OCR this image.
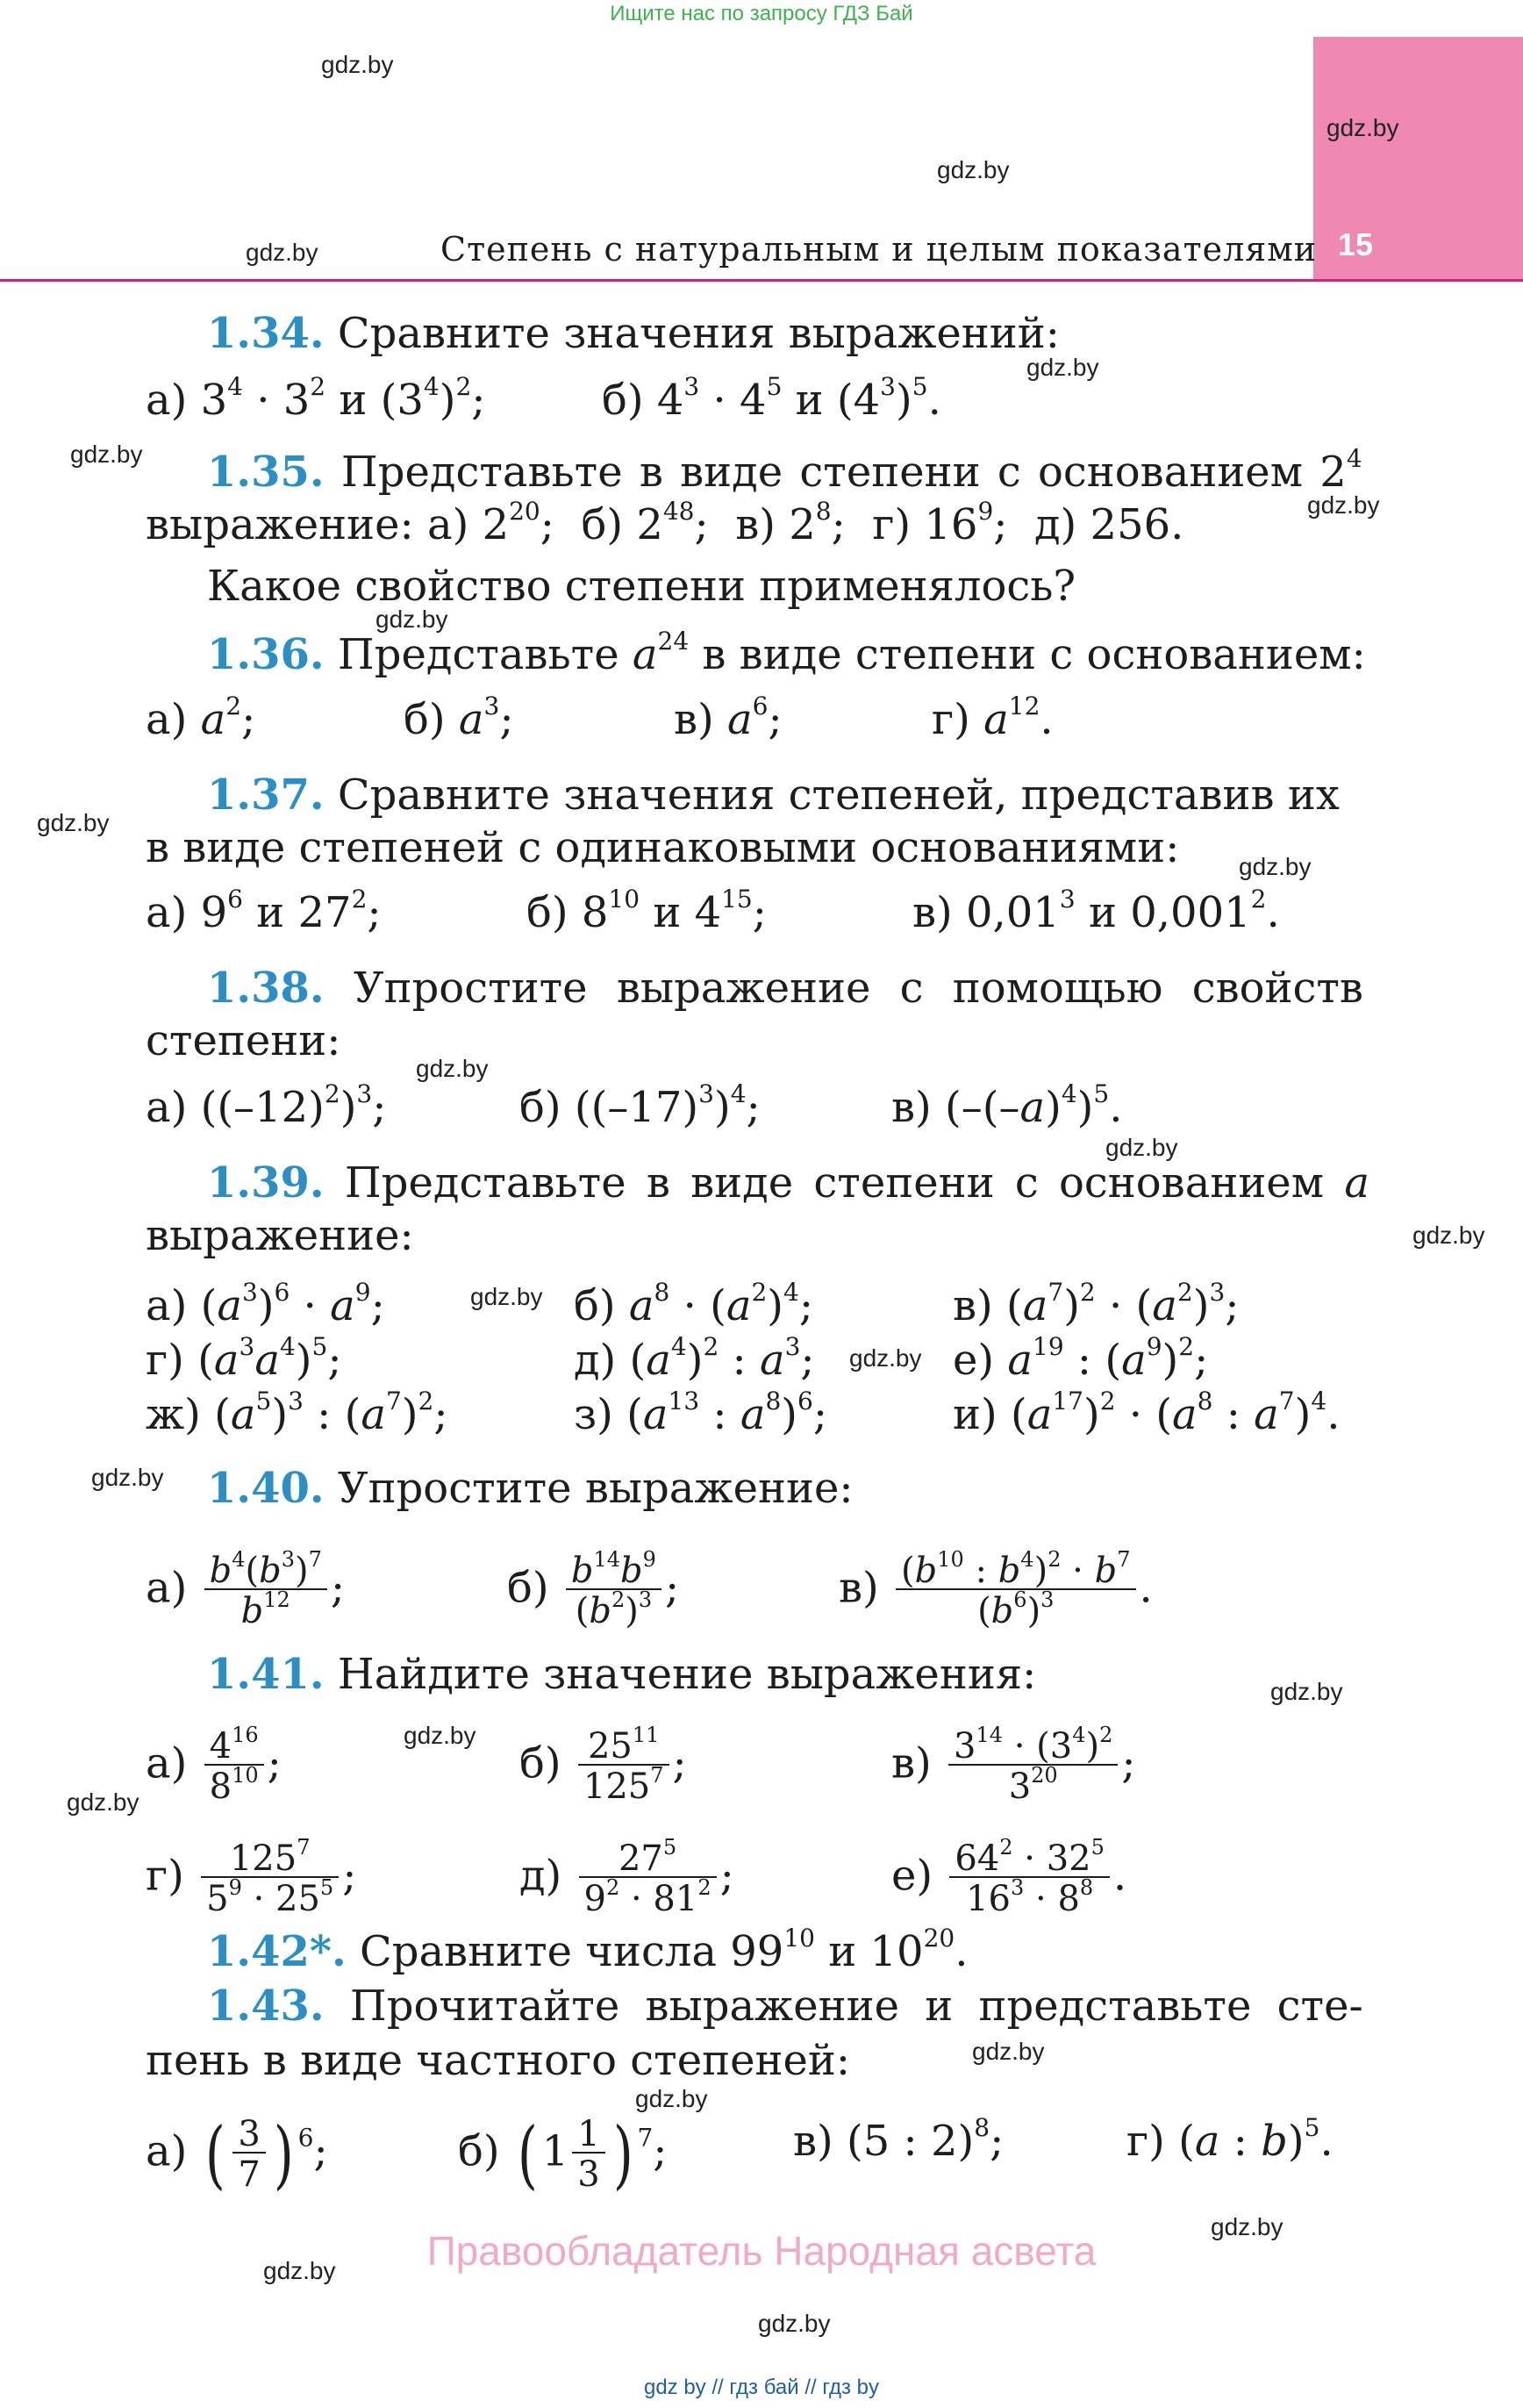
Ищите нас по запросу ГДЗ Бай
15
Степень с натуральным и целым показателями
gdz.by
gdz.by
gdz.by
gdz.by
gdz.by
gdz.by
gdz.by
gdz.by
gdz.by
gdz.by
gdz.by
gdz.by
gdz.by
gdz.by
gdz.by
gdz.by
gdz.by
gdz.by
gdz.by
gdz.by
gdz.by
gdz.by
gdz.by
gdz.by
1.34. Сравните значения выражений:
а) $3^4 \cdot 3^2$ и $(3^4)^2$;	б) $4^3 \cdot 4^5$ и $(4^3)^5$.
1.35. Представьте в виде степени с основанием $2^4$
выражение: а) $2^{20}$;  б) $2^{48}$;  в) $2^8$;  г) $16^9$;  д) 256.
Какое свойство степени применялось?
1.36. Представьте $a^{24}$ в виде степени с основанием:
а) $a^2$;	б) $a^3$;	в) $a^6$;	г) $a^{12}$.
1.37. Сравните значения степеней, представив их
в виде степеней с одинаковыми основаниями:
а) $9^6$ и $27^2$;	б) $8^{10}$ и $4^{15}$;	в) 0,01$^3$ и 0,001$^2$.
1.38. Упростите выражение с помощью свойств
степени:
а) $((-12)^2)^3$;	б) $((-17)^3)^4$;	в) $(-(-a)^4)^5$.
1.39. Представьте в виде степени с основанием a
выражение:
а) $(a^3)^6 \cdot a^9$;	б) $a^8 \cdot (a^2)^4$;	в) $(a^7)^2 \cdot (a^2)^3$;
г) $(a^3a^4)^5$;	д) $(a^4)^2$ : $a^3$;	е) $a^{19}$ : $(a^9)^2$;
ж) $(a^5)^3$ : $(a^7)^2$;	з) ($a^{13}$ : $a^8)^6$;	и) $(a^{17})^2 \cdot (a^8$ : $a^7)^4$.
1.40. Упростите выражение:
$а) \frac{b^4(b^3)^7}{b^{12}}$ ;	$б) \frac{b^{14}b^9}{(b^2)^3}$ ;	$в) \frac{(b^{10} : b^4)^2 \cdot b^7}{(b^6)^3}$ .
1.41. Найдите значение выражения:
$а) \frac{4^{16}}{8^{10}}$ ;	$б) \frac{25^{11}}{125^7}$ ;	$в) \frac{3^{14} \cdot (3^4)^2}{3^{20}}$ ;
$г) \frac{125^7}{5^9 \cdot 25^5}$ ;	$д) \frac{27^5}{9^2 \cdot 81^2}$ ;	$е) \frac{64^2 \cdot 32^5}{16^3 \cdot 8^8}$ .
1.42*. Сравните числа $99^{10}$ и $10^{20}$.
1.43. Прочитайте выражение и представьте сте-
пень в виде частного степеней:
а) ( $\frac{3}{7}$ ) $^6$;	б) ( $1 \frac{1}{3}$ ) $^7$;	в) (5 : 2)$^8$;	г) (a : b)$^5$.
Правообладатель Народная асвета
gdz by // гдз бай // гдз by
